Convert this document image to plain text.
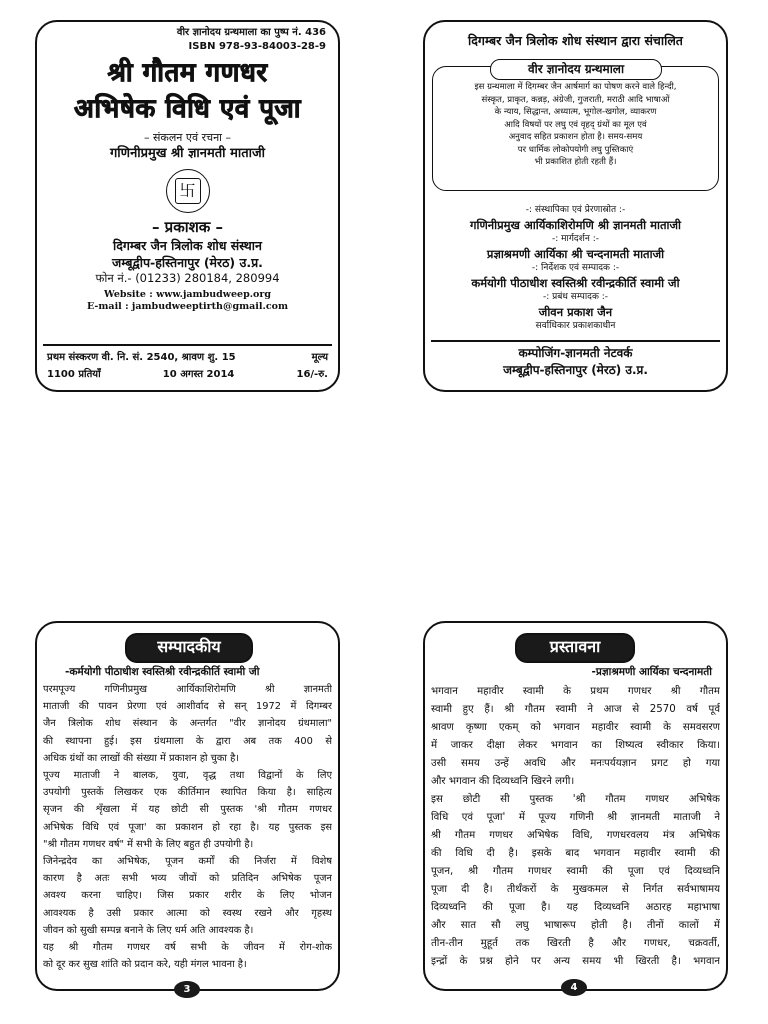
वीर ज्ञानोदय ग्रन्थमाला का पुष्प नं. 436
ISBN 978-93-84003-28-9
श्री गौतम गणधर
अभिषेक विधि एवं पूजा
– संकलन एवं रचना –
गणिनीप्रमुख श्री ज्ञानमती माताजी
卐
– प्रकाशक –
दिगम्बर जैन त्रिलोक शोध संस्थान
जम्बूद्वीप-हस्तिनापुर (मेरठ) उ.प्र.
फोन नं.- (01233) 280184, 280994
Website : www.jambudweep.org
E-mail : jambudweeptirth@gmail.com
प्रथम संस्करण वी. नि. सं. 2540, श्रावण शु. 15	मूल्य
1100 प्रतियाँ	10 अगस्त 2014	16/-रु.
दिगम्बर जैन त्रिलोक शोध संस्थान द्वारा संचालित
वीर ज्ञानोदय ग्रन्थमाला
इस ग्रन्थमाला में दिगम्बर जैन आर्षमार्ग का पोषण करने वाले हिन्दी,
संस्कृत, प्राकृत, कन्नड़, अंग्रेजी, गुजराती, मराठी आदि भाषाओं
के न्याय, सिद्धान्त, अध्यात्म, भूगोल-खगोल, व्याकरण
आदि विषयों पर लघु एवं वृहद् ग्रंथों का मूल एवं
अनुवाद सहित प्रकाशन होता है। समय-समय
पर धार्मिक लोकोपयोगी लघु पुस्तिकाएं
भी प्रकाशित होती रहती हैं।
-: संस्थापिका एवं प्रेरणास्रोत :-
गणिनीप्रमुख आर्यिकाशिरोमणि श्री ज्ञानमती माताजी
-: मार्गदर्शन :-
प्रज्ञाश्रमणी आर्यिका श्री चन्दनामती माताजी
-: निर्देशक एवं सम्पादक :-
कर्मयोगी पीठाधीश स्वस्तिश्री रवीन्द्रकीर्ति स्वामी जी
-: प्रबंध सम्पादक :-
जीवन प्रकाश जैन
सर्वाधिकार प्रकाशकाधीन
कम्पोजिंग-ज्ञानमती नेटवर्क
जम्बूद्वीप-हस्तिनापुर (मेरठ) उ.प्र.
सम्पादकीय
-कर्मयोगी पीठाधीश स्वस्तिश्री रवीन्द्रकीर्ति स्वामी जी
परमपूज्य गणिनीप्रमुख आर्यिकाशिरोमणि श्री ज्ञानमती
माताजी की पावन प्रेरणा एवं आशीर्वाद से सन् 1972 में दिगम्बर
जैन त्रिलोक शोध संस्थान के अन्तर्गत "वीर ज्ञानोदय ग्रंथमाला"
की स्थापना हुई। इस ग्रंथमाला के द्वारा अब तक 400 से
अधिक ग्रंथों का लाखों की संख्या में प्रकाशन हो चुका है।
पूज्य माताजी ने बालक, युवा, वृद्ध तथा विद्वानों के लिए
उपयोगी पुस्तकें लिखकर एक कीर्तिमान स्थापित किया है। साहित्य
सृजन की शृँखला में यह छोटी सी पुस्तक 'श्री गौतम गणधर
अभिषेक विधि एवं पूजा' का प्रकाशन हो रहा है। यह पुस्तक इस
"श्री गौतम गणधर वर्ष" में सभी के लिए बहुत ही उपयोगी है।
जिनेन्द्रदेव का अभिषेक, पूजन कर्मों की निर्जरा में विशेष
कारण है अतः सभी भव्य जीवों को प्रतिदिन अभिषेक पूजन
अवश्य करना चाहिए। जिस प्रकार शरीर के लिए भोजन
आवश्यक है उसी प्रकार आत्मा को स्वस्थ रखने और गृहस्थ
जीवन को सुखी सम्पन्न बनाने के लिए धर्म अति आवश्यक है।
यह श्री गौतम गणधर वर्ष सभी के जीवन में रोग-शोक
को दूर कर सुख शांति को प्रदान करे, यही मंगल भावना है।
3
प्रस्तावना
-प्रज्ञाश्रमणी आर्यिका चन्दनामती
भगवान महावीर स्वामी के प्रथम गणधर श्री गौतम
स्वामी हुए हैं। श्री गौतम स्वामी ने आज से 2570 वर्ष पूर्व
श्रावण कृष्णा एकम् को भगवान महावीर स्वामी के समवसरण
में जाकर दीक्षा लेकर भगवान का शिष्यत्व स्वीकार किया।
उसी समय उन्हें अवधि और मनःपर्ययज्ञान प्रगट हो गया
और भगवान की दिव्यध्वनि खिरने लगी।
इस छोटी सी पुस्तक 'श्री गौतम गणधर अभिषेक
विधि एवं पूजा' में पूज्य गणिनी श्री ज्ञानमती माताजी ने
श्री गौतम गणधर अभिषेक विधि, गणधरवलय मंत्र अभिषेक
की विधि दी है। इसके बाद भगवान महावीर स्वामी की
पूजन, श्री गौतम गणधर स्वामी की पूजा एवं दिव्यध्वनि
पूजा दी है। तीर्थंकरों के मुखकमल से निर्गत सर्वभाषामय
दिव्यध्वनि की पूजा है। यह दिव्यध्वनि अठारह महाभाषा
और सात सौ लघु भाषारूप होती है। तीनों कालों में
तीन-तीन मुहूर्त तक खिरती है और गणधर, चक्रवर्ती,
इन्द्रों के प्रश्न होने पर अन्य समय भी खिरती है। भगवान
4
